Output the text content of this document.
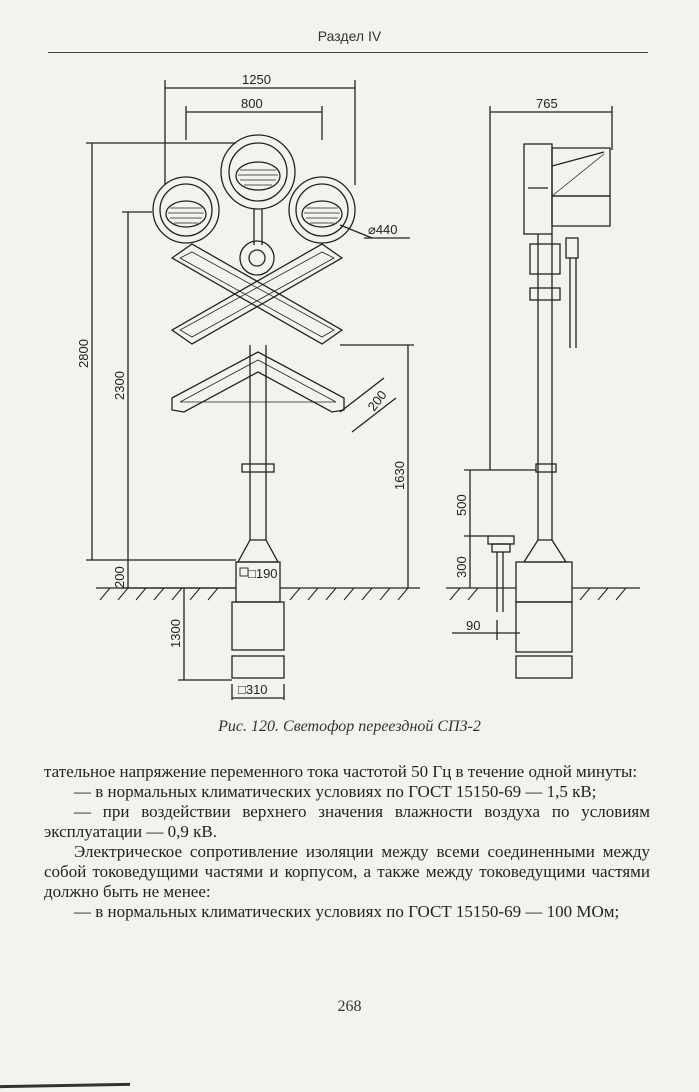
Раздел IV
1250
800
⌀440
2800
2300
200
1630
200
1300
□190
□310
765
500
300
90
Рис. 120. Светофор переездной СПЗ-2

тательное напряжение переменного тока частотой 50 Гц в течение одной минуты:

— в нормальных климатических условиях по ГОСТ 15150-69 — 1,5 кВ;

— при воздействии верхнего значения влажности воздуха по условиям эксплуатации — 0,9 кВ.

Электрическое сопротивление изоляции между всеми соединенными между собой токоведущими частями и корпусом, а также между токоведущими частями должно быть не менее:

— в нормальных климатических условиях по ГОСТ 15150-69 — 100 МОм;

268
